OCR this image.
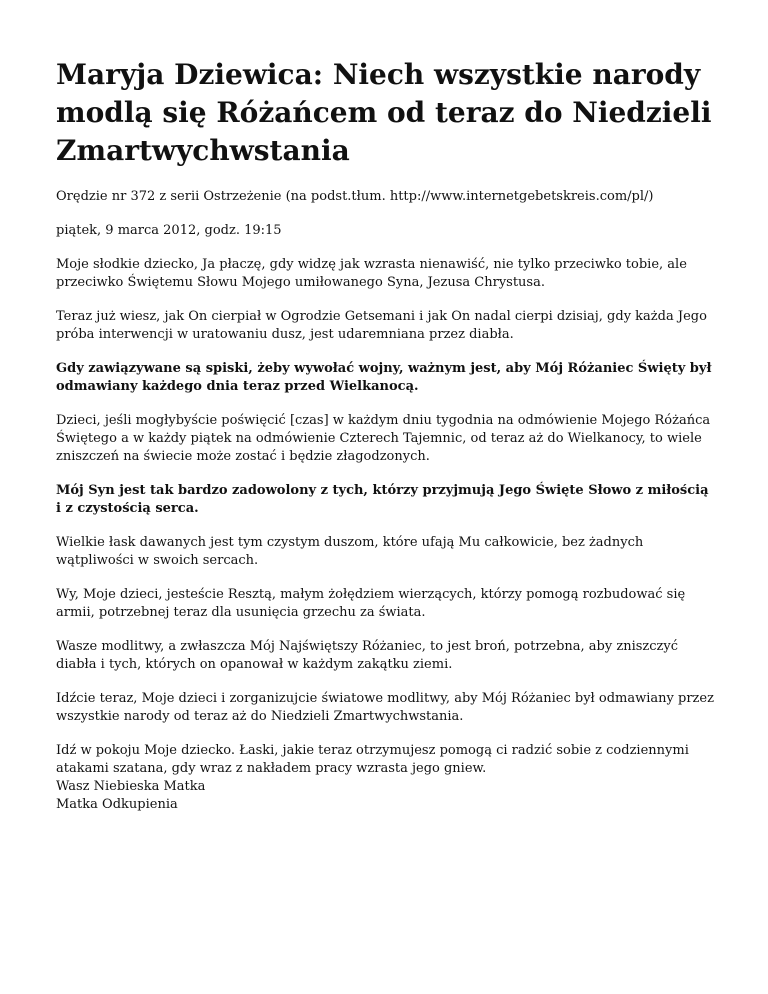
Maryja Dziewica: Niech wszystkie narody modlą się Różańcem od teraz do Niedzieli Zmartwychwstania

Orędzie nr 372 z serii Ostrzeżenie (na podst.tłum. http://www.internetgebetskreis.com/pl/)

piątek, 9 marca 2012, godz. 19:15

Moje słodkie dziecko, Ja płaczę, gdy widzę jak wzrasta nienawiść, nie tylko przeciwko tobie, ale przeciwko Świętemu Słowu Mojego umiłowanego Syna, Jezusa Chrystusa.

Teraz już wiesz, jak On cierpiał w Ogrodzie Getsemani i jak On nadal cierpi dzisiaj, gdy każda Jego próba interwencji w uratowaniu dusz, jest udaremniana przez diabła.

Gdy zawiązywane są spiski, żeby wywołać wojny, ważnym jest, aby Mój Różaniec Święty był odmawiany każdego dnia teraz przed Wielkanocą.

Dzieci, jeśli mogłybyście poświęcić [czas] w każdym dniu tygodnia na odmówienie Mojego Różańca Świętego a w każdy piątek na odmówienie Czterech Tajemnic, od teraz aż do Wielkanocy, to wiele zniszczeń na świecie może zostać i będzie złagodzonych.

Mój Syn jest tak bardzo zadowolony z tych, którzy przyjmują Jego Święte Słowo z miłością i z czystością serca.

Wielkie łask dawanych jest tym czystym duszom, które ufają Mu całkowicie, bez żadnych wątpliwości w swoich sercach.

Wy, Moje dzieci, jesteście Resztą, małym żołędziem wierzących, którzy pomogą rozbudować się armii, potrzebnej teraz dla usunięcia grzechu za świata.

Wasze modlitwy, a zwłaszcza Mój Najświętszy Różaniec, to jest broń, potrzebna, aby zniszczyć diabła i tych, których on opanował w każdym zakątku ziemi.

Idźcie teraz, Moje dzieci i zorganizujcie światowe modlitwy, aby Mój Różaniec był odmawiany przez wszystkie narody od teraz aż do Niedzieli Zmartwychwstania.

Idź w pokoju Moje dziecko. Łaski, jakie teraz otrzymujesz pomogą ci radzić sobie z codziennymi atakami szatana, gdy wraz z nakładem pracy wzrasta jego gniew.
Wasz Niebieska Matka
Matka Odkupienia
